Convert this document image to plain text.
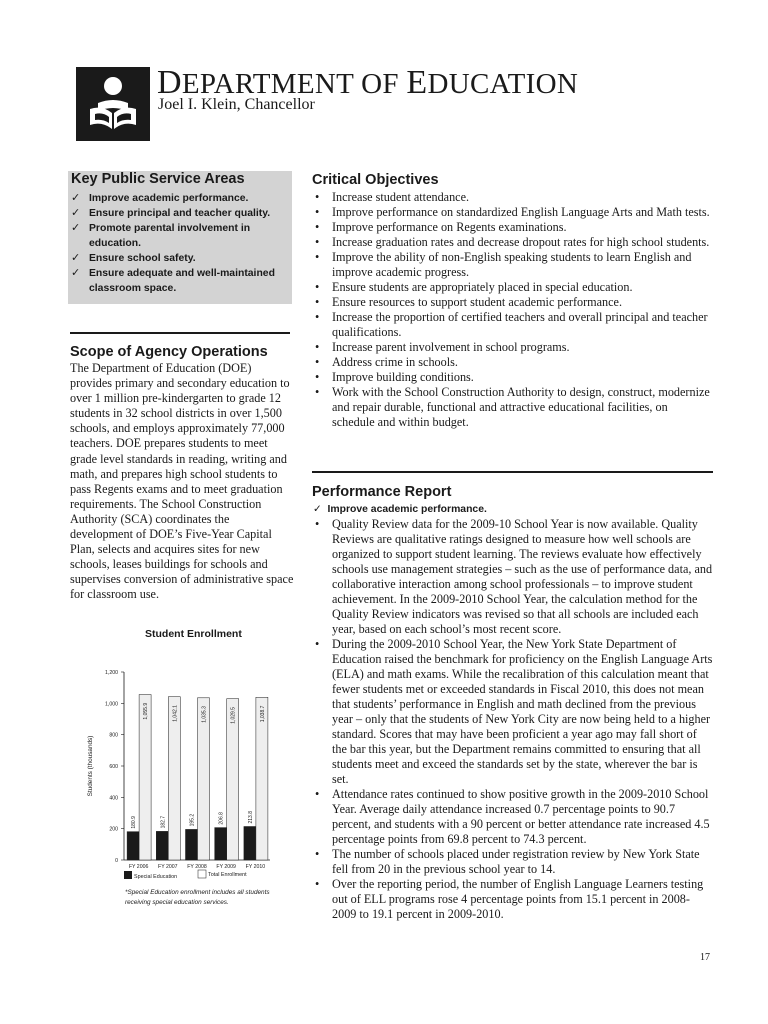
DEPARTMENT OF EDUCATION
Joel I. Klein, Chancellor
Key Public Service Areas
✓ Improve academic performance.
✓ Ensure principal and teacher quality.
✓ Promote parental involvement in education.
✓ Ensure school safety.
✓ Ensure adequate and well-maintained classroom space.
Scope of Agency Operations
The Department of Education (DOE) provides primary and secondary education to over 1 million pre-kindergarten to grade 12 students in 32 school districts in over 1,500 schools, and employs approximately 77,000 teachers. DOE prepares students to meet grade level standards in reading, writing and math, and prepares high school students to pass Regents exams and to meet graduation requirements. The School Construction Authority (SCA) coordinates the development of DOE’s Five-Year Capital Plan, selects and acquires sites for new schools, leases buildings for schools and supervises conversion of administrative space for classroom use.
Student Enrollment
0
200
400
600
800
1,000
1,200
Students (thousands)
180.9
1,055.9
FY 2006
182.7
1,042.1
FY 2007
195.2
1,035.3
FY 2008
206.8
1,029.5
FY 2009
213.8
1,038.7
FY 2010
Special Education	Total Enrollment
*Special Education enrollment includes all students receiving special education services.
Critical Objectives
• Increase student attendance.
• Improve performance on standardized English Language Arts and Math tests.
• Improve performance on Regents examinations.
• Increase graduation rates and decrease dropout rates for high school students.
• Improve the ability of non-English speaking students to learn English and improve academic progress.
• Ensure students are appropriately placed in special education.
• Ensure resources to support student academic performance.
• Increase the proportion of certified teachers and overall principal and teacher qualifications.
• Increase parent involvement in school programs.
• Address crime in schools.
• Improve building conditions.
• Work with the School Construction Authority to design, construct, modernize and repair durable, functional and attractive educational facilities, on schedule and within budget.
Performance Report
✓  Improve academic performance.
• Quality Review data for the 2009-10 School Year is now available. Quality Reviews are qualitative ratings designed to measure how well schools are organized to support student learning. The reviews evaluate how effectively schools use management strategies – such as the use of performance data, and collaborative interaction among school professionals – to improve student achievement. In the 2009-2010 School Year, the calculation method for the Quality Review indicators was revised so that all schools are included each year, based on each school’s most recent score.
• During the 2009-2010 School Year, the New York State Department of Education raised the benchmark for proficiency on the English Language Arts (ELA) and math exams. While the recalibration of this calculation meant that fewer students met or exceeded standards in Fiscal 2010, this does not mean that students’ performance in English and math declined from the previous year – only that the students of New York City are now being held to a higher standard. Scores that may have been proficient a year ago may fall short of the bar this year, but the Department remains committed to ensuring that all students meet and exceed the standards set by the state, wherever the bar is set.
• Attendance rates continued to show positive growth in the 2009-2010 School Year. Average daily attendance increased 0.7 percentage points to 90.7 percent, and students with a 90 percent or better attendance rate increased 4.5 percentage points from 69.8 percent to 74.3 percent.
• The number of schools placed under registration review by New York State fell from 20 in the previous school year to 14.
• Over the reporting period, the number of English Language Learners testing out of ELL programs rose 4 percentage points from 15.1 percent in 2008-2009 to 19.1 percent in 2009-2010.
17
